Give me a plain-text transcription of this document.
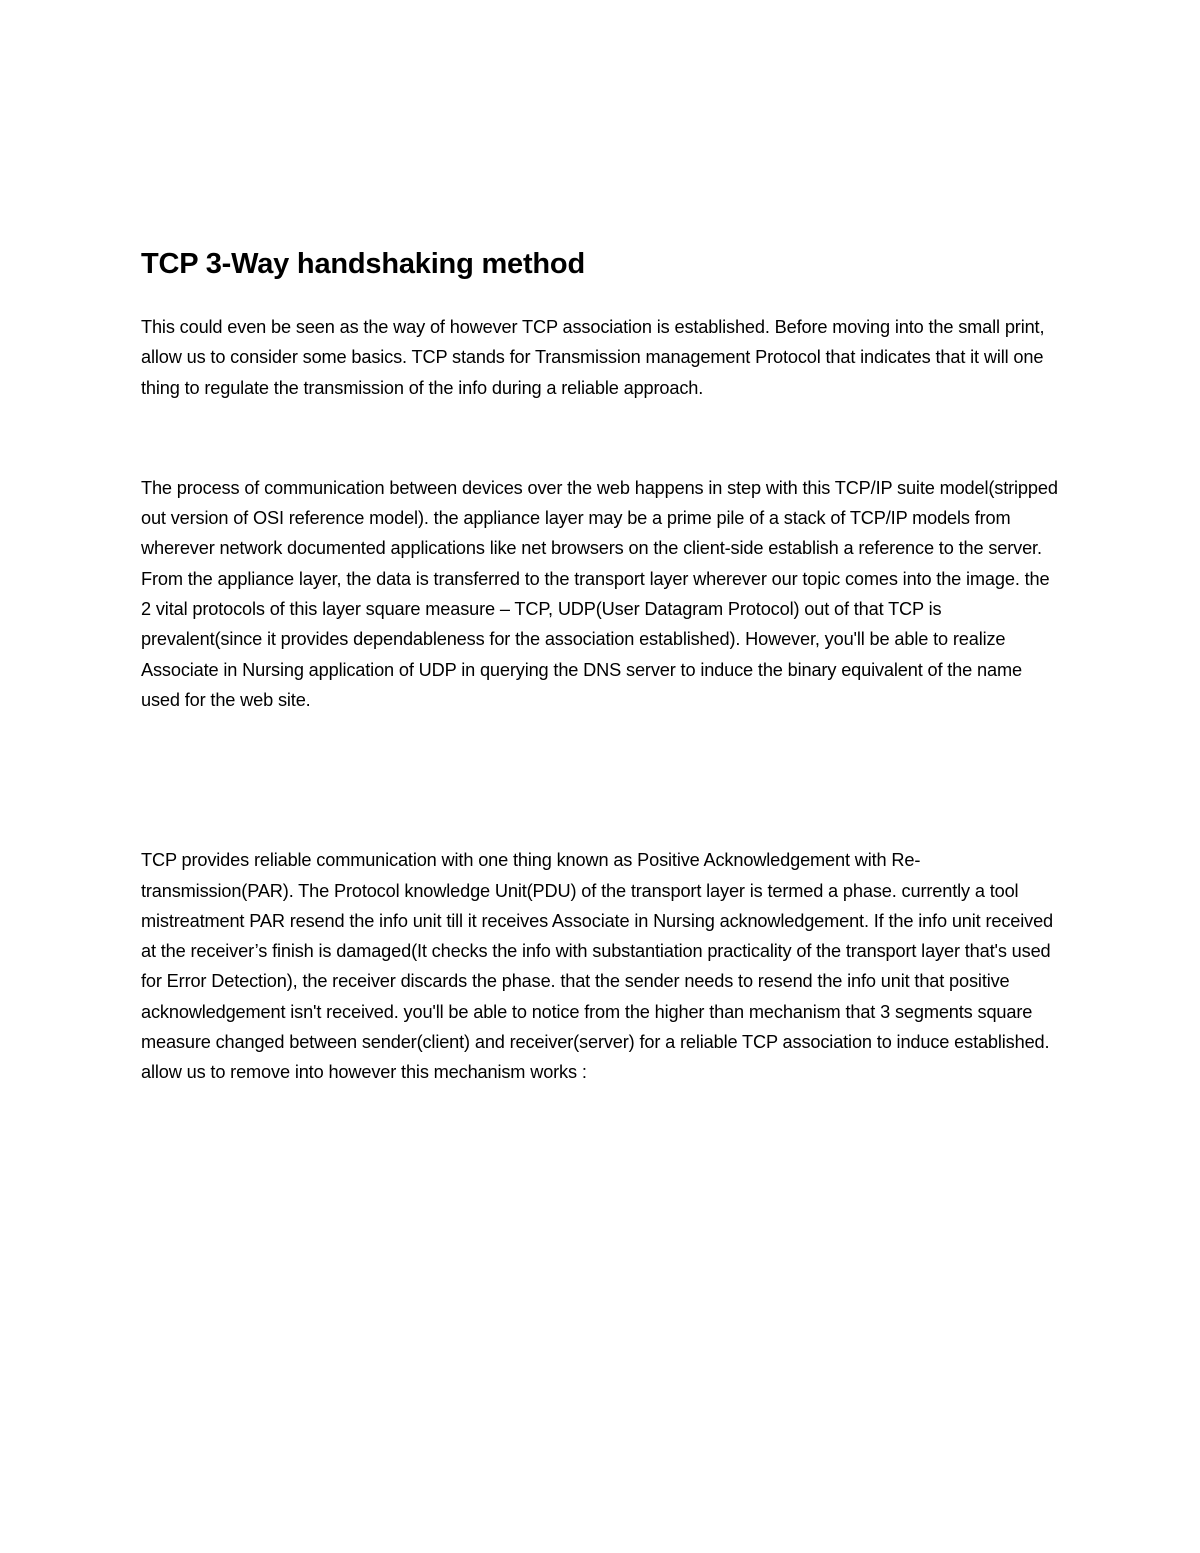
TCP 3-Way handshaking method

This could even be seen as the way of however TCP association is established. Before moving into the small print, allow us to consider some basics. TCP stands for Transmission management Protocol that indicates that it will one thing to regulate the transmission of the info during a reliable approach.

The process of communication between devices over the web happens in step with this TCP/IP suite model(stripped out version of OSI reference model). the appliance layer may be a prime pile of a stack of TCP/IP models from wherever network documented applications like net browsers on the client-side establish a reference to the server. From the appliance layer, the data is transferred to the transport layer wherever our topic comes into the image. the 2 vital protocols of this layer square measure – TCP, UDP(User Datagram Protocol) out of that TCP is prevalent(since it provides dependableness for the association established). However, you'll be able to realize Associate in Nursing application of UDP in querying the DNS server to induce the binary equivalent of the name used for the web site.

TCP provides reliable communication with one thing known as Positive Acknowledgement with Re-transmission(PAR). The Protocol knowledge Unit(PDU) of the transport layer is termed a phase. currently a tool mistreatment PAR resend the info unit till it receives Associate in Nursing acknowledgement. If the info unit received at the receiver’s finish is damaged(It checks the info with substantiation practicality of the transport layer that's used for Error Detection), the receiver discards the phase. that the sender needs to resend the info unit that positive acknowledgement isn't received. you'll be able to notice from the higher than mechanism that 3 segments square measure changed between sender(client) and receiver(server) for a reliable TCP association to induce established. allow us to remove into however this mechanism works :
